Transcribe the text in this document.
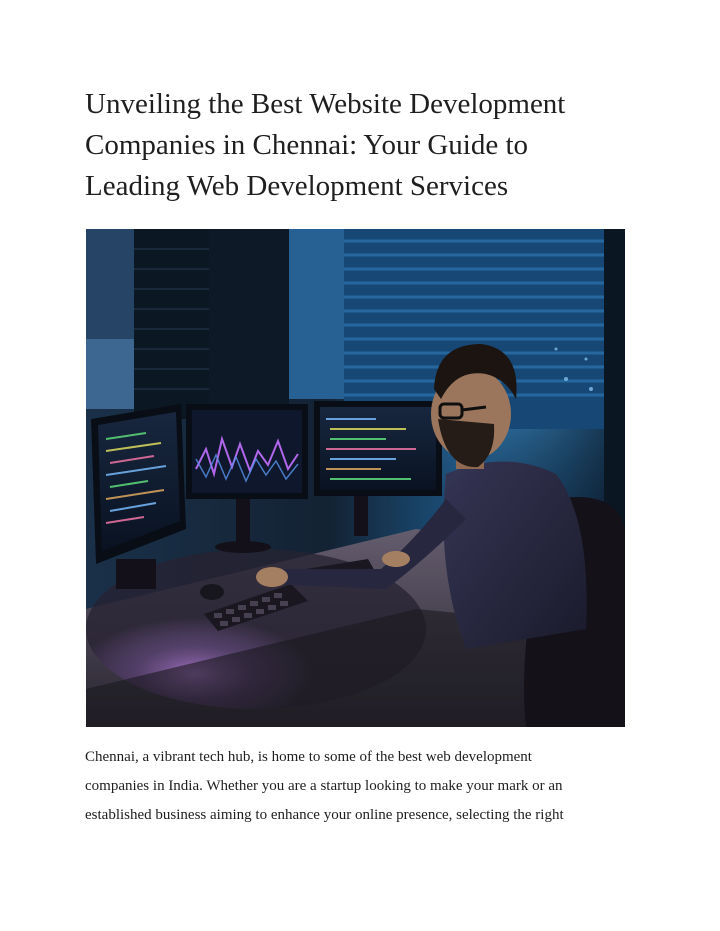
Unveiling the Best Website Development
Companies in Chennai: Your Guide to
Leading Web Development Services

Chennai, a vibrant tech hub, is home to some of the best web development
companies in India. Whether you are a startup looking to make your mark or an
established business aiming to enhance your online presence, selecting the right
